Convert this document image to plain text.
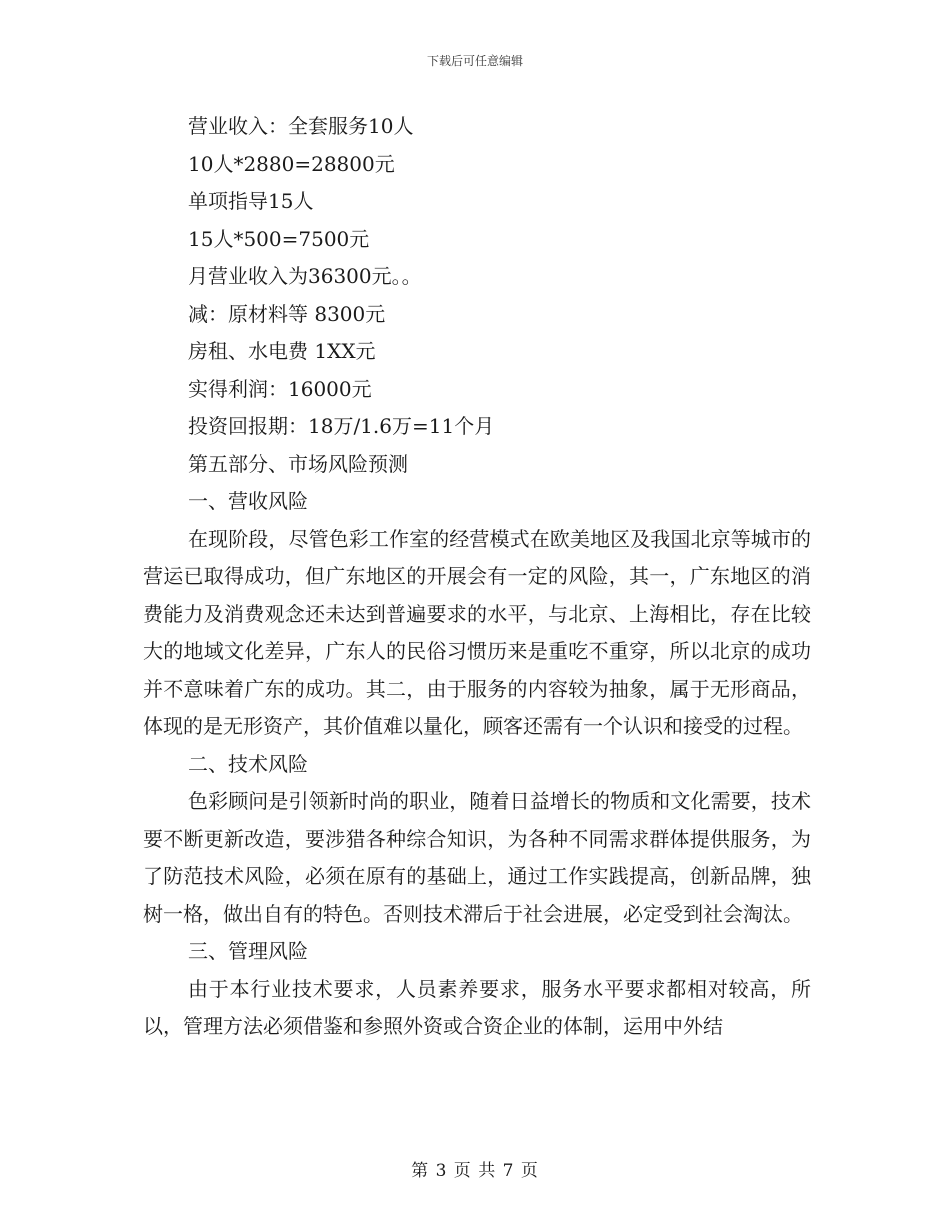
下载后可任意编辑

营业收入：全套服务10人

10人*2880=28800元

单项指导15人

15人*500=7500元

月营业收入为36300元。。

减：原材料等 8300元

房租、水电费 1XX元

实得利润：16000元

投资回报期：18万/1.6万=11个月

第五部分、市场风险预测

一、营收风险

在现阶段，尽管色彩工作室的经营模式在欧美地区及我国北京等城市的营运已取得成功，但广东地区的开展会有一定的风险，其一，广东地区的消费能力及消费观念还未达到普遍要求的水平，与北京、上海相比，存在比较大的地域文化差异，广东人的民俗习惯历来是重吃不重穿，所以北京的成功并不意味着广东的成功。其二，由于服务的内容较为抽象，属于无形商品，体现的是无形资产，其价值难以量化，顾客还需有一个认识和接受的过程。

二、技术风险

色彩顾问是引领新时尚的职业，随着日益增长的物质和文化需要，技术要不断更新改造，要涉猎各种综合知识，为各种不同需求群体提供服务，为了防范技术风险，必须在原有的基础上，通过工作实践提高，创新品牌，独树一格，做出自有的特色。否则技术滞后于社会进展，必定受到社会淘汰。

三、管理风险

由于本行业技术要求，人员素养要求，服务水平要求都相对较高，所以，管理方法必须借鉴和参照外资或合资企业的体制，运用中外结

第 3 页 共 7 页
